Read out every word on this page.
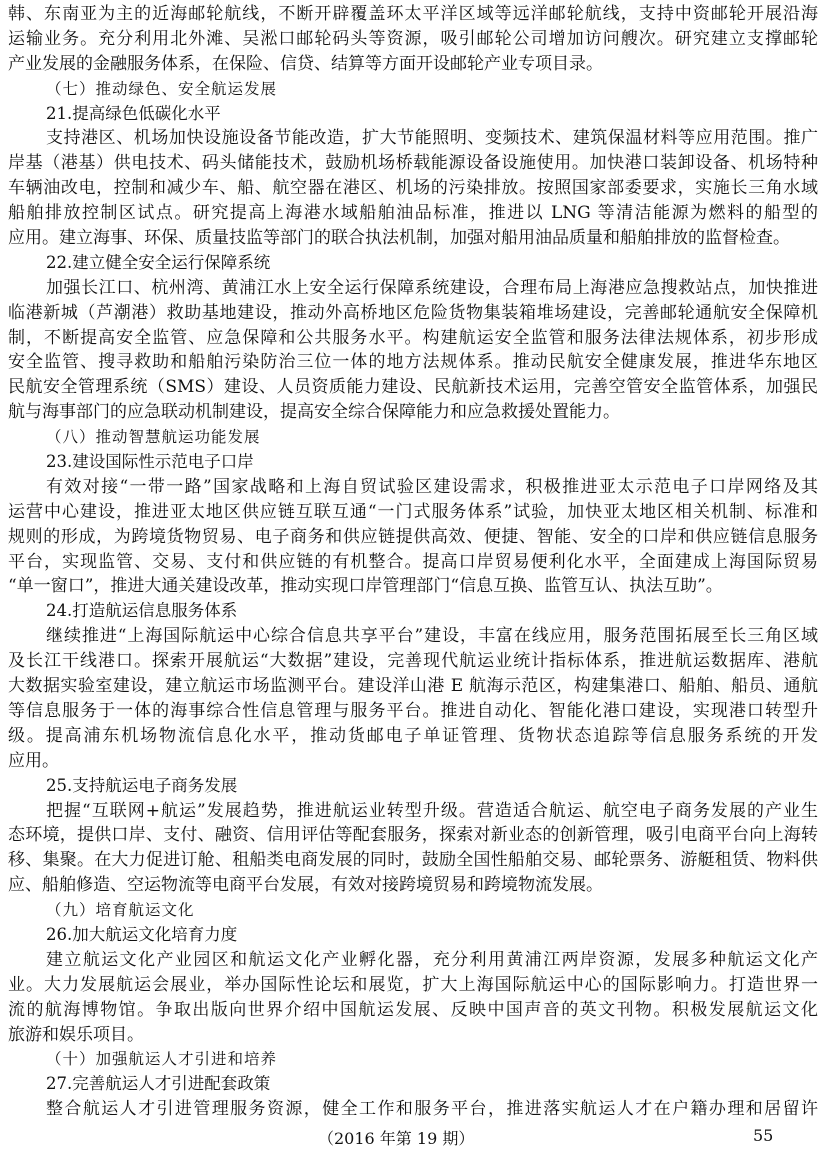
韩、东南亚为主的近海邮轮航线，不断开辟覆盖环太平洋区域等远洋邮轮航线，支持中资邮轮开展沿海
运输业务。充分利用北外滩、吴淞口邮轮码头等资源，吸引邮轮公司增加访问艘次。研究建立支撑邮轮
产业发展的金融服务体系，在保险、信贷、结算等方面开设邮轮产业专项目录。
（七）推动绿色、安全航运发展
21.提高绿色低碳化水平
支持港区、机场加快设施设备节能改造，扩大节能照明、变频技术、建筑保温材料等应用范围。推广
岸基（港基）供电技术、码头储能技术，鼓励机场桥载能源设备设施使用。加快港口装卸设备、机场特种
车辆油改电，控制和减少车、船、航空器在港区、机场的污染排放。按照国家部委要求，实施长三角水域
船舶排放控制区试点。研究提高上海港水域船舶油品标准，推进以 LNG 等清洁能源为燃料的船型的
应用。建立海事、环保、质量技监等部门的联合执法机制，加强对船用油品质量和船舶排放的监督检查。
22.建立健全安全运行保障系统
加强长江口、杭州湾、黄浦江水上安全运行保障系统建设，合理布局上海港应急搜救站点，加快推进
临港新城（芦潮港）救助基地建设，推动外高桥地区危险货物集装箱堆场建设，完善邮轮通航安全保障机
制，不断提高安全监管、应急保障和公共服务水平。构建航运安全监管和服务法律法规体系，初步形成
安全监管、搜寻救助和船舶污染防治三位一体的地方法规体系。推动民航安全健康发展，推进华东地区
民航安全管理系统（SMS）建设、人员资质能力建设、民航新技术运用，完善空管安全监管体系，加强民
航与海事部门的应急联动机制建设，提高安全综合保障能力和应急救援处置能力。
（八）推动智慧航运功能发展
23.建设国际性示范电子口岸
有效对接“一带一路”国家战略和上海自贸试验区建设需求，积极推进亚太示范电子口岸网络及其
运营中心建设，推进亚太地区供应链互联互通“一门式服务体系”试验，加快亚太地区相关机制、标准和
规则的形成，为跨境货物贸易、电子商务和供应链提供高效、便捷、智能、安全的口岸和供应链信息服务
平台，实现监管、交易、支付和供应链的有机整合。提高口岸贸易便利化水平，全面建成上海国际贸易
“单一窗口”，推进大通关建设改革，推动实现口岸管理部门“信息互换、监管互认、执法互助”。
24.打造航运信息服务体系
继续推进“上海国际航运中心综合信息共享平台”建设，丰富在线应用，服务范围拓展至长三角区域
及长江干线港口。探索开展航运“大数据”建设，完善现代航运业统计指标体系，推进航运数据库、港航
大数据实验室建设，建立航运市场监测平台。建设洋山港 E 航海示范区，构建集港口、船舶、船员、通航
等信息服务于一体的海事综合性信息管理与服务平台。推进自动化、智能化港口建设，实现港口转型升
级。提高浦东机场物流信息化水平，推动货邮电子单证管理、货物状态追踪等信息服务系统的开发
应用。
25.支持航运电子商务发展
把握“互联网+航运”发展趋势，推进航运业转型升级。营造适合航运、航空电子商务发展的产业生
态环境，提供口岸、支付、融资、信用评估等配套服务，探索对新业态的创新管理，吸引电商平台向上海转
移、集聚。在大力促进订舱、租船类电商发展的同时，鼓励全国性船舶交易、邮轮票务、游艇租赁、物料供
应、船舶修造、空运物流等电商平台发展，有效对接跨境贸易和跨境物流发展。
（九）培育航运文化
26.加大航运文化培育力度
建立航运文化产业园区和航运文化产业孵化器，充分利用黄浦江两岸资源，发展多种航运文化产
业。大力发展航运会展业，举办国际性论坛和展览，扩大上海国际航运中心的国际影响力。打造世界一
流的航海博物馆。争取出版向世界介绍中国航运发展、反映中国声音的英文刊物。积极发展航运文化
旅游和娱乐项目。
（十）加强航运人才引进和培养
27.完善航运人才引进配套政策
整合航运人才引进管理服务资源，健全工作和服务平台，推进落实航运人才在户籍办理和居留许
（2016 年第 19 期）	55
